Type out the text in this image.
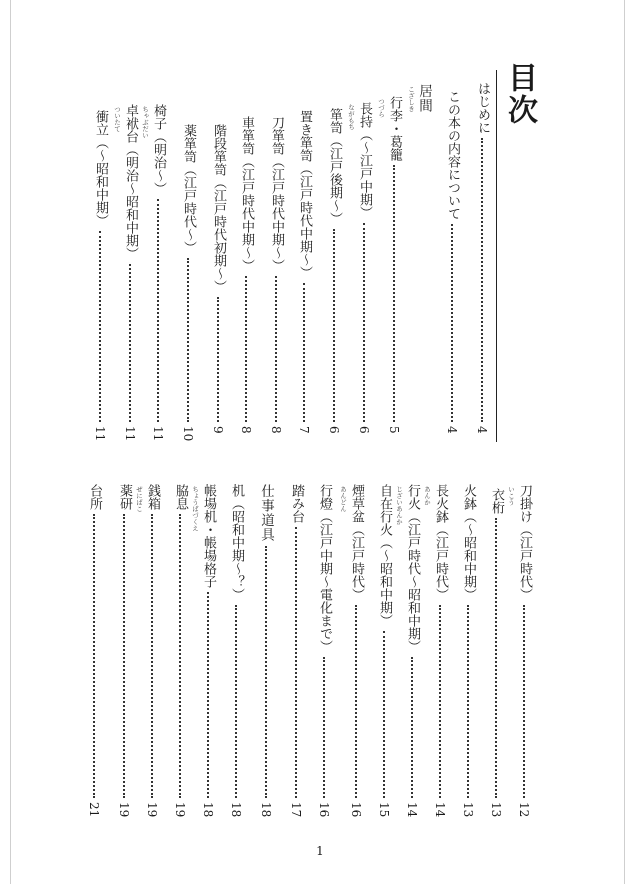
目次
はじめに
4
この本の内容について
4
居間
こざしき
行李・葛籠
つづら
5
長持（〜江戸中期）
ながもち
6
箪笥（江戸後期〜）
6
置き箪笥（江戸時代中期〜）
7
刀箪笥（江戸時代中期〜）
8
車箪笥（江戸時代中期〜）
8
階段箪笥（江戸時代初期〜）
9
薬箪笥（江戸時代〜）
10
椅子（明治〜）
ちゃぶだい
11
卓袱台（明治〜昭和中期）
ついたて
11
衝立（〜昭和中期）
11
刀掛け（江戸時代）
いこう
12
衣桁
13
火鉢（〜昭和中期）
13
長火鉢（江戸時代）
あんか
14
行火（江戸時代〜昭和中期）
じざいあんか
14
自在行火（〜昭和中期）
15
煙草盆（江戸時代）
あんどん
16
行燈（江戸中期〜電化まで）
16
踏み台
17
仕事道具
18
机（昭和中期〜？）
18
帳場机・帳場格子
ちょうばづくえ
18
脇息
19
銭箱
ぜにばこ
19
薬研
19
台所
21
1
